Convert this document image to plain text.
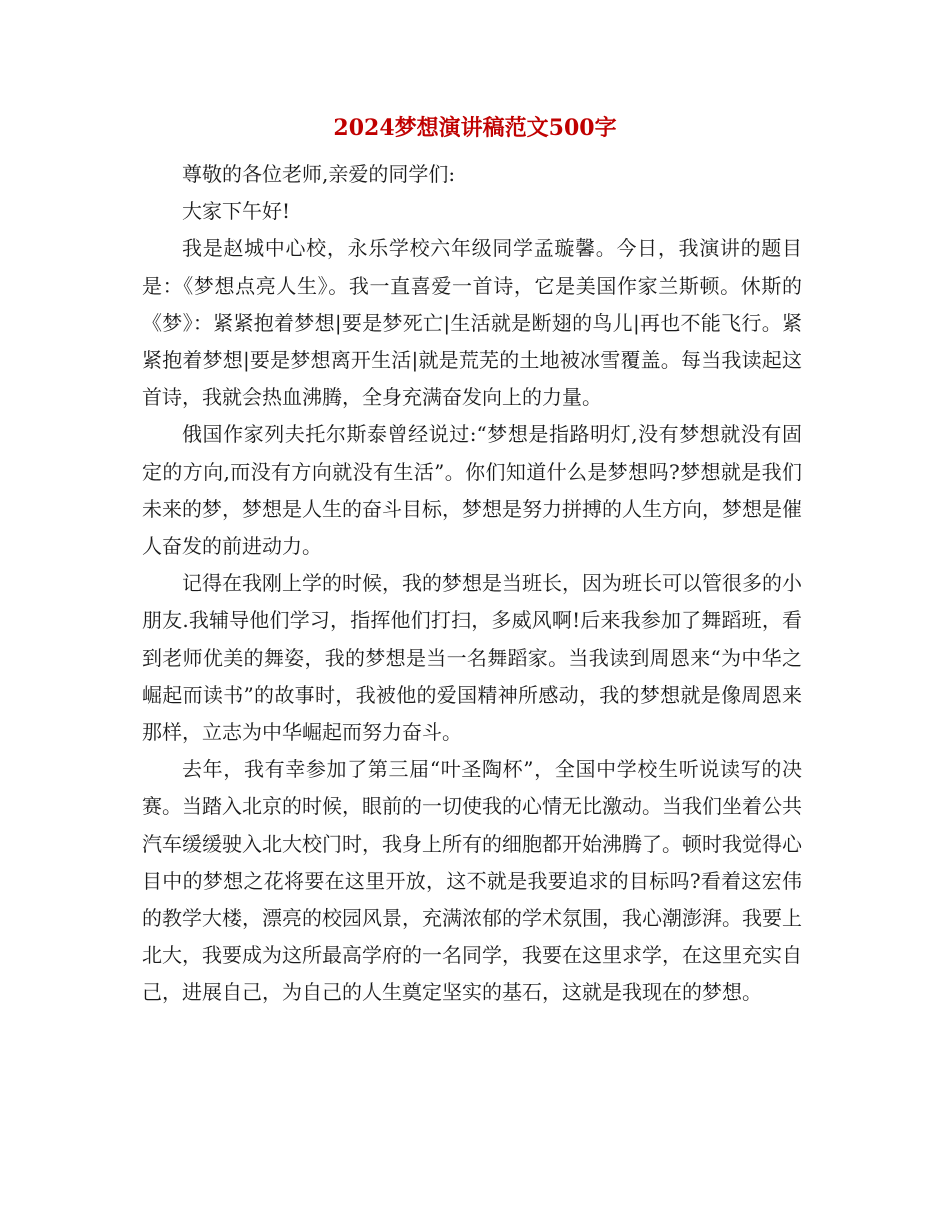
2024梦想演讲稿范文500字

尊敬的各位老师,亲爱的同学们:

大家下午好!

我是赵城中心校，永乐学校六年级同学孟璇馨。今日，我演讲的题目是：《梦想点亮人生》。我一直喜爱一首诗，它是美国作家兰斯顿。休斯的《梦》：紧紧抱着梦想|要是梦死亡|生活就是断翅的鸟儿|再也不能飞行。紧紧抱着梦想|要是梦想离开生活|就是荒芜的土地被冰雪覆盖。每当我读起这首诗，我就会热血沸腾，全身充满奋发向上的力量。

俄国作家列夫托尔斯泰曾经说过:“梦想是指路明灯,没有梦想就没有固定的方向,而没有方向就没有生活”。你们知道什么是梦想吗?梦想就是我们未来的梦，梦想是人生的奋斗目标，梦想是努力拼搏的人生方向，梦想是催人奋发的前进动力。

记得在我刚上学的时候，我的梦想是当班长，因为班长可以管很多的小朋友.我辅导他们学习，指挥他们打扫，多威风啊!后来我参加了舞蹈班，看到老师优美的舞姿，我的梦想是当一名舞蹈家。当我读到周恩来“为中华之崛起而读书”的故事时，我被他的爱国精神所感动，我的梦想就是像周恩来那样，立志为中华崛起而努力奋斗。

去年，我有幸参加了第三届“叶圣陶杯”，全国中学校生听说读写的决赛。当踏入北京的时候，眼前的一切使我的心情无比激动。当我们坐着公共汽车缓缓驶入北大校门时，我身上所有的细胞都开始沸腾了。顿时我觉得心目中的梦想之花将要在这里开放，这不就是我要追求的目标吗?看着这宏伟的教学大楼，漂亮的校园风景，充满浓郁的学术氛围，我心潮澎湃。我要上北大，我要成为这所最高学府的一名同学，我要在这里求学，在这里充实自己，进展自己，为自己的人生奠定坚实的基石，这就是我现在的梦想。
